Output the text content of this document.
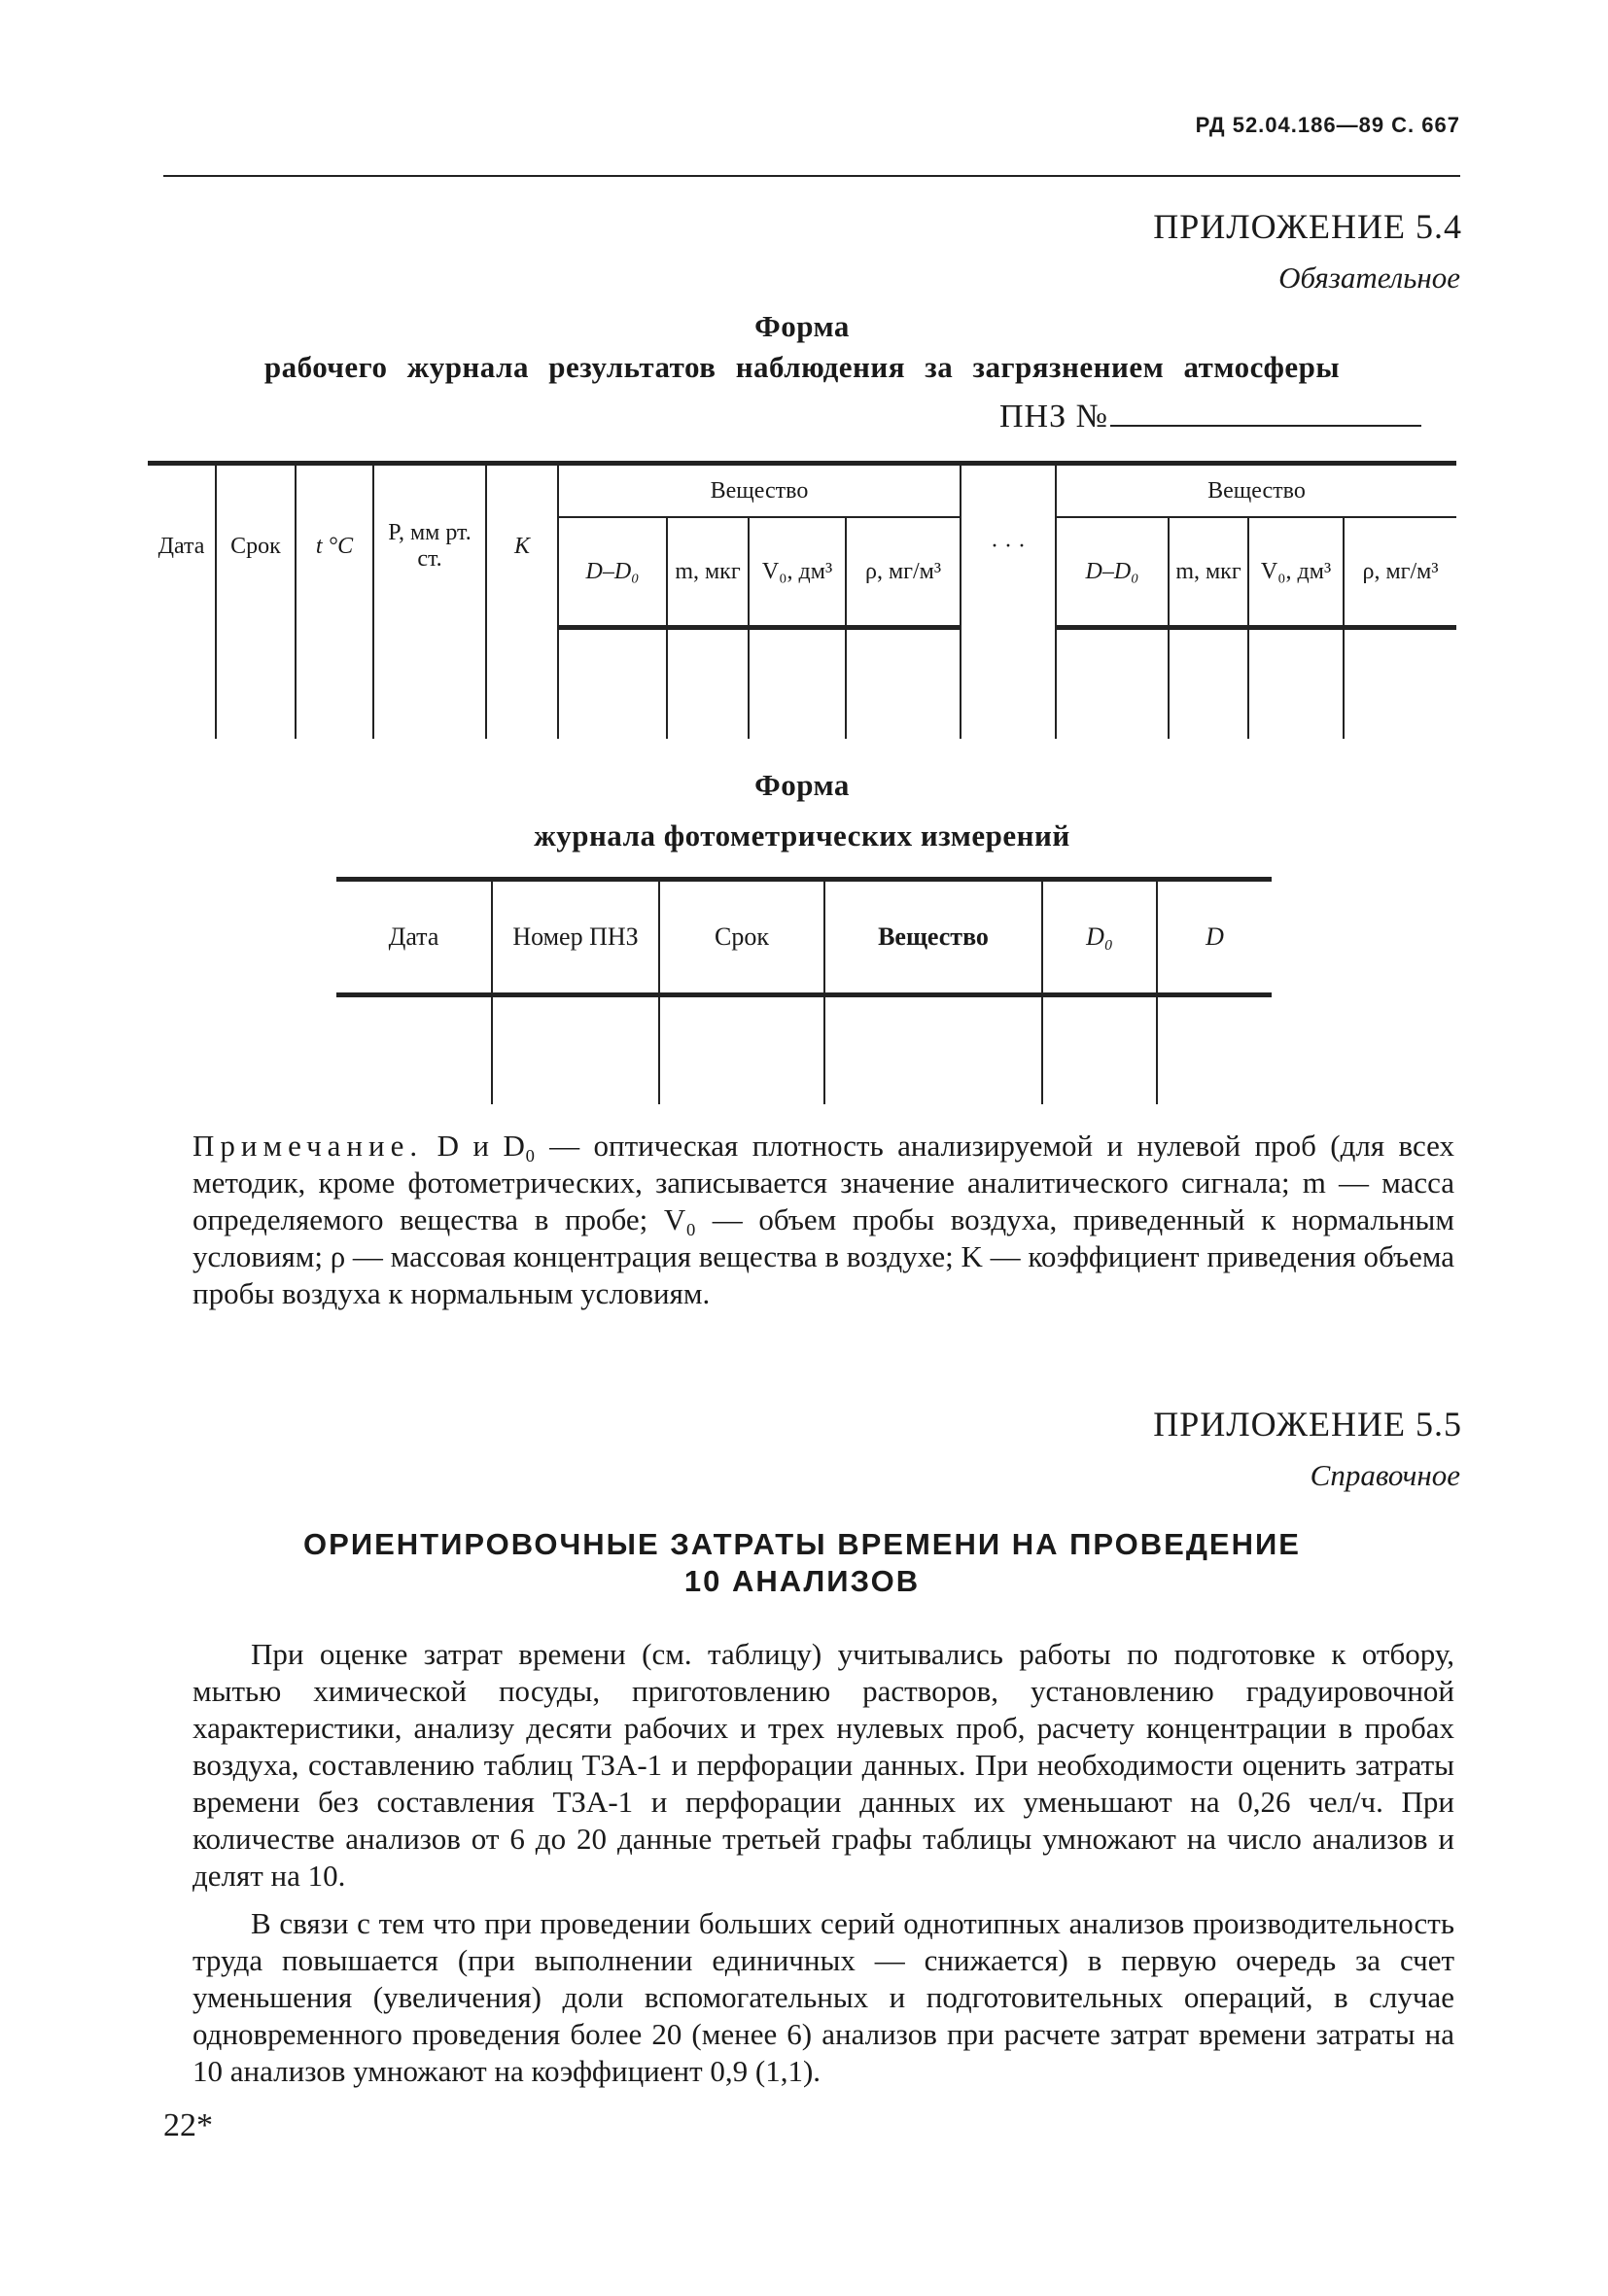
РД 52.04.186—89 С. 667
ПРИЛОЖЕНИЕ 5.4
Обязательное
Форма
рабочего журнала результатов наблюдения за загрязнением атмосферы
ПНЗ №
Дата	Срок	t °C	P, мм рт. ст.	K	Вещество				· · ·	Вещество			
					D–D₀	m, мкг	V₀, дм³	ρ, мг/м³		D–D₀	m, мкг	V₀, дм³	ρ, мг/м³

Форма
журнала фотометрических измерений
Дата	Номер ПНЗ	Срок	Вещество	D₀	D

Примечание. D и D₀ — оптическая плотность анализируемой и нулевой проб (для всех методик, кроме фотометрических, записывается значение аналитического сигнала; m — масса определяемого вещества в пробе; V₀ — объем пробы воздуха, приведенный к нормальным условиям; ρ — массовая концентрация вещества в воздухе; K — коэффициент приведения объема пробы воздуха к нормальным условиям.
ПРИЛОЖЕНИЕ 5.5
Справочное
ОРИЕНТИРОВОЧНЫЕ ЗАТРАТЫ ВРЕМЕНИ НА ПРОВЕДЕНИЕ
10 АНАЛИЗОВ
При оценке затрат времени (см. таблицу) учитывались работы по подготовке к отбору, мытью химической посуды, приготовлению растворов, установлению градуировочной характеристики, анализу десяти рабочих и трех нулевых проб, расчету концентрации в пробах воздуха, составлению таблиц ТЗА-1 и перфорации данных. При необходимости оценить затраты времени без составления ТЗА-1 и перфорации данных их уменьшают на 0,26 чел/ч. При количестве анализов от 6 до 20 данные третьей графы таблицы умножают на число анализов и делят на 10.
В связи с тем что при проведении больших серий однотипных анализов производительность труда повышается (при выполнении единичных — снижается) в первую очередь за счет уменьшения (увеличения) доли вспомогательных и подготовительных операций, в случае одновременного проведения более 20 (менее 6) анализов при расчете затрат времени затраты на 10 анализов умножают на коэффициент 0,9 (1,1).
22*
